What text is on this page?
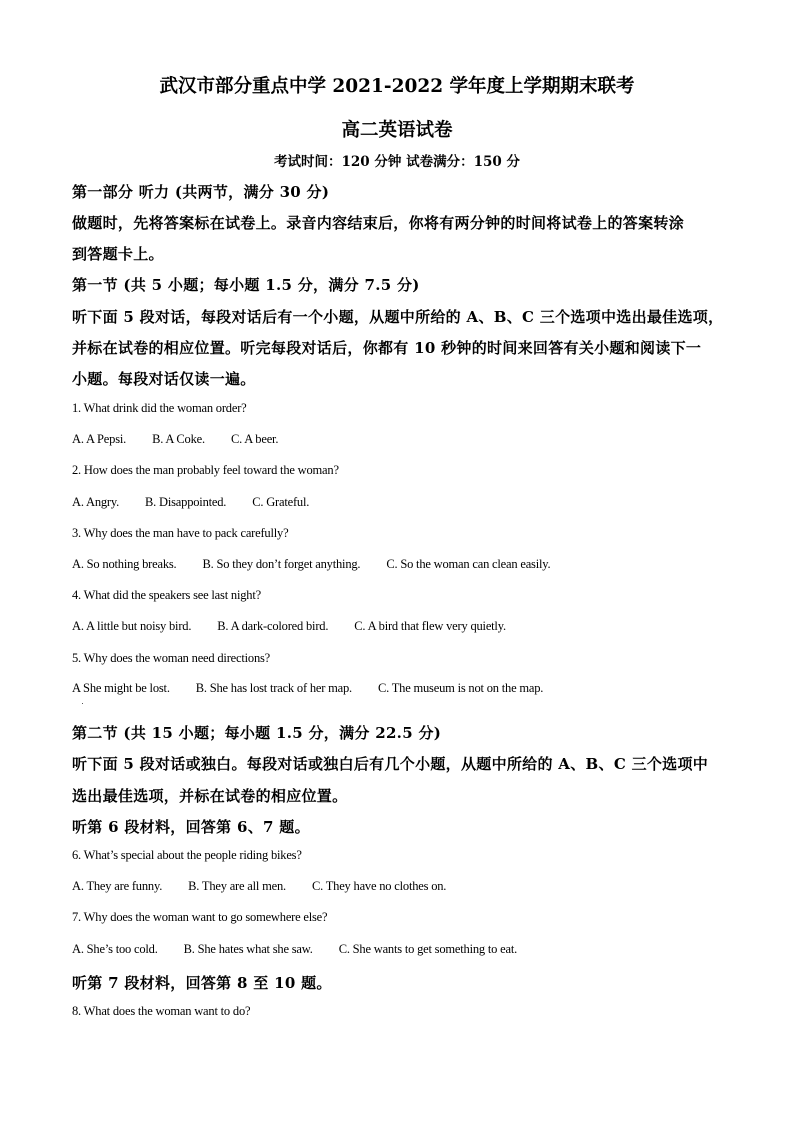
武汉市部分重点中学 2021-2022 学年度上学期期末联考
高二英语试卷
考试时间：120 分钟 试卷满分：150 分
第一部分 听力 (共两节，满分 30 分)
做题时，先将答案标在试卷上。录音内容结束后，你将有两分钟的时间将试卷上的答案转涂
到答题卡上。
第一节 (共 5 小题；每小题 1.5 分，满分 7.5 分)
听下面 5 段对话，每段对话后有一个小题，从题中所给的 A、B、C 三个选项中选出最佳选项，
并标在试卷的相应位置。听完每段对话后，你都有 10 秒钟的时间来回答有关小题和阅读下一
小题。每段对话仅读一遍。
1. What drink did the woman order?
A. A Pepsi. B. A Coke. C. A beer.
2. How does the man probably feel toward the woman?
A. Angry. B. Disappointed. C. Grateful.
3. Why does the man have to pack carefully?
A. So nothing breaks. B. So they don’t forget anything. C. So the woman can clean easily.
4. What did the speakers see last night?
A. A little but noisy bird. B. A dark-colored bird. C. A bird that flew very quietly.
5. Why does the woman need directions?
A She might be lost. B. She has lost track of her map. C. The museum is not on the map.
第二节 (共 15 小题；每小题 1.5 分，满分 22.5 分)
听下面 5 段对话或独白。每段对话或独白后有几个小题，从题中所给的 A、B、C 三个选项中
选出最佳选项，并标在试卷的相应位置。
听第 6 段材料，回答第 6、7 题。
6. What’s special about the people riding bikes?
A. They are funny. B. They are all men. C. They have no clothes on.
7. Why does the woman want to go somewhere else?
A. She’s too cold. B. She hates what she saw. C. She wants to get something to eat.
听第 7 段材料，回答第 8 至 10 题。
8. What does the woman want to do?
